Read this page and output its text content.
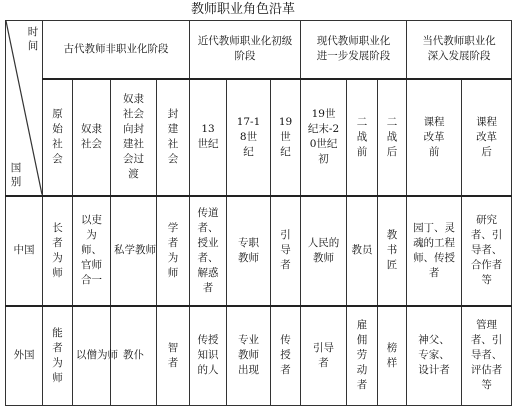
教师职业角色沿革
时间
国别	古代教师非职业化阶段				近代教师职业化初级阶段			现代教师职业化进一步发展阶段			当代教师职业化深入发展阶段	
	原始社会	奴隶社会	奴隶社会向封建社会过渡	封建社会	13世纪	17-18世纪	19世纪	19世纪末-20世纪初	二战前	二战后	课程改革前	课程改革后
中国	长者为师	以吏为师、官师合一	私学教师	学者为师	传道者、授业者、解惑者	专职教师	引导者	人民的教师	教员	教书匠	园丁、灵魂的工程师、传授者	研究者、引导者、合作者等
外国	能者为师	以僧为师	教仆	智者	传授知识的人	专业教师出现	传授者	引导者	雇佣劳动者	榜样	神父、专家、设计者	管理者、引导者、评估者等
